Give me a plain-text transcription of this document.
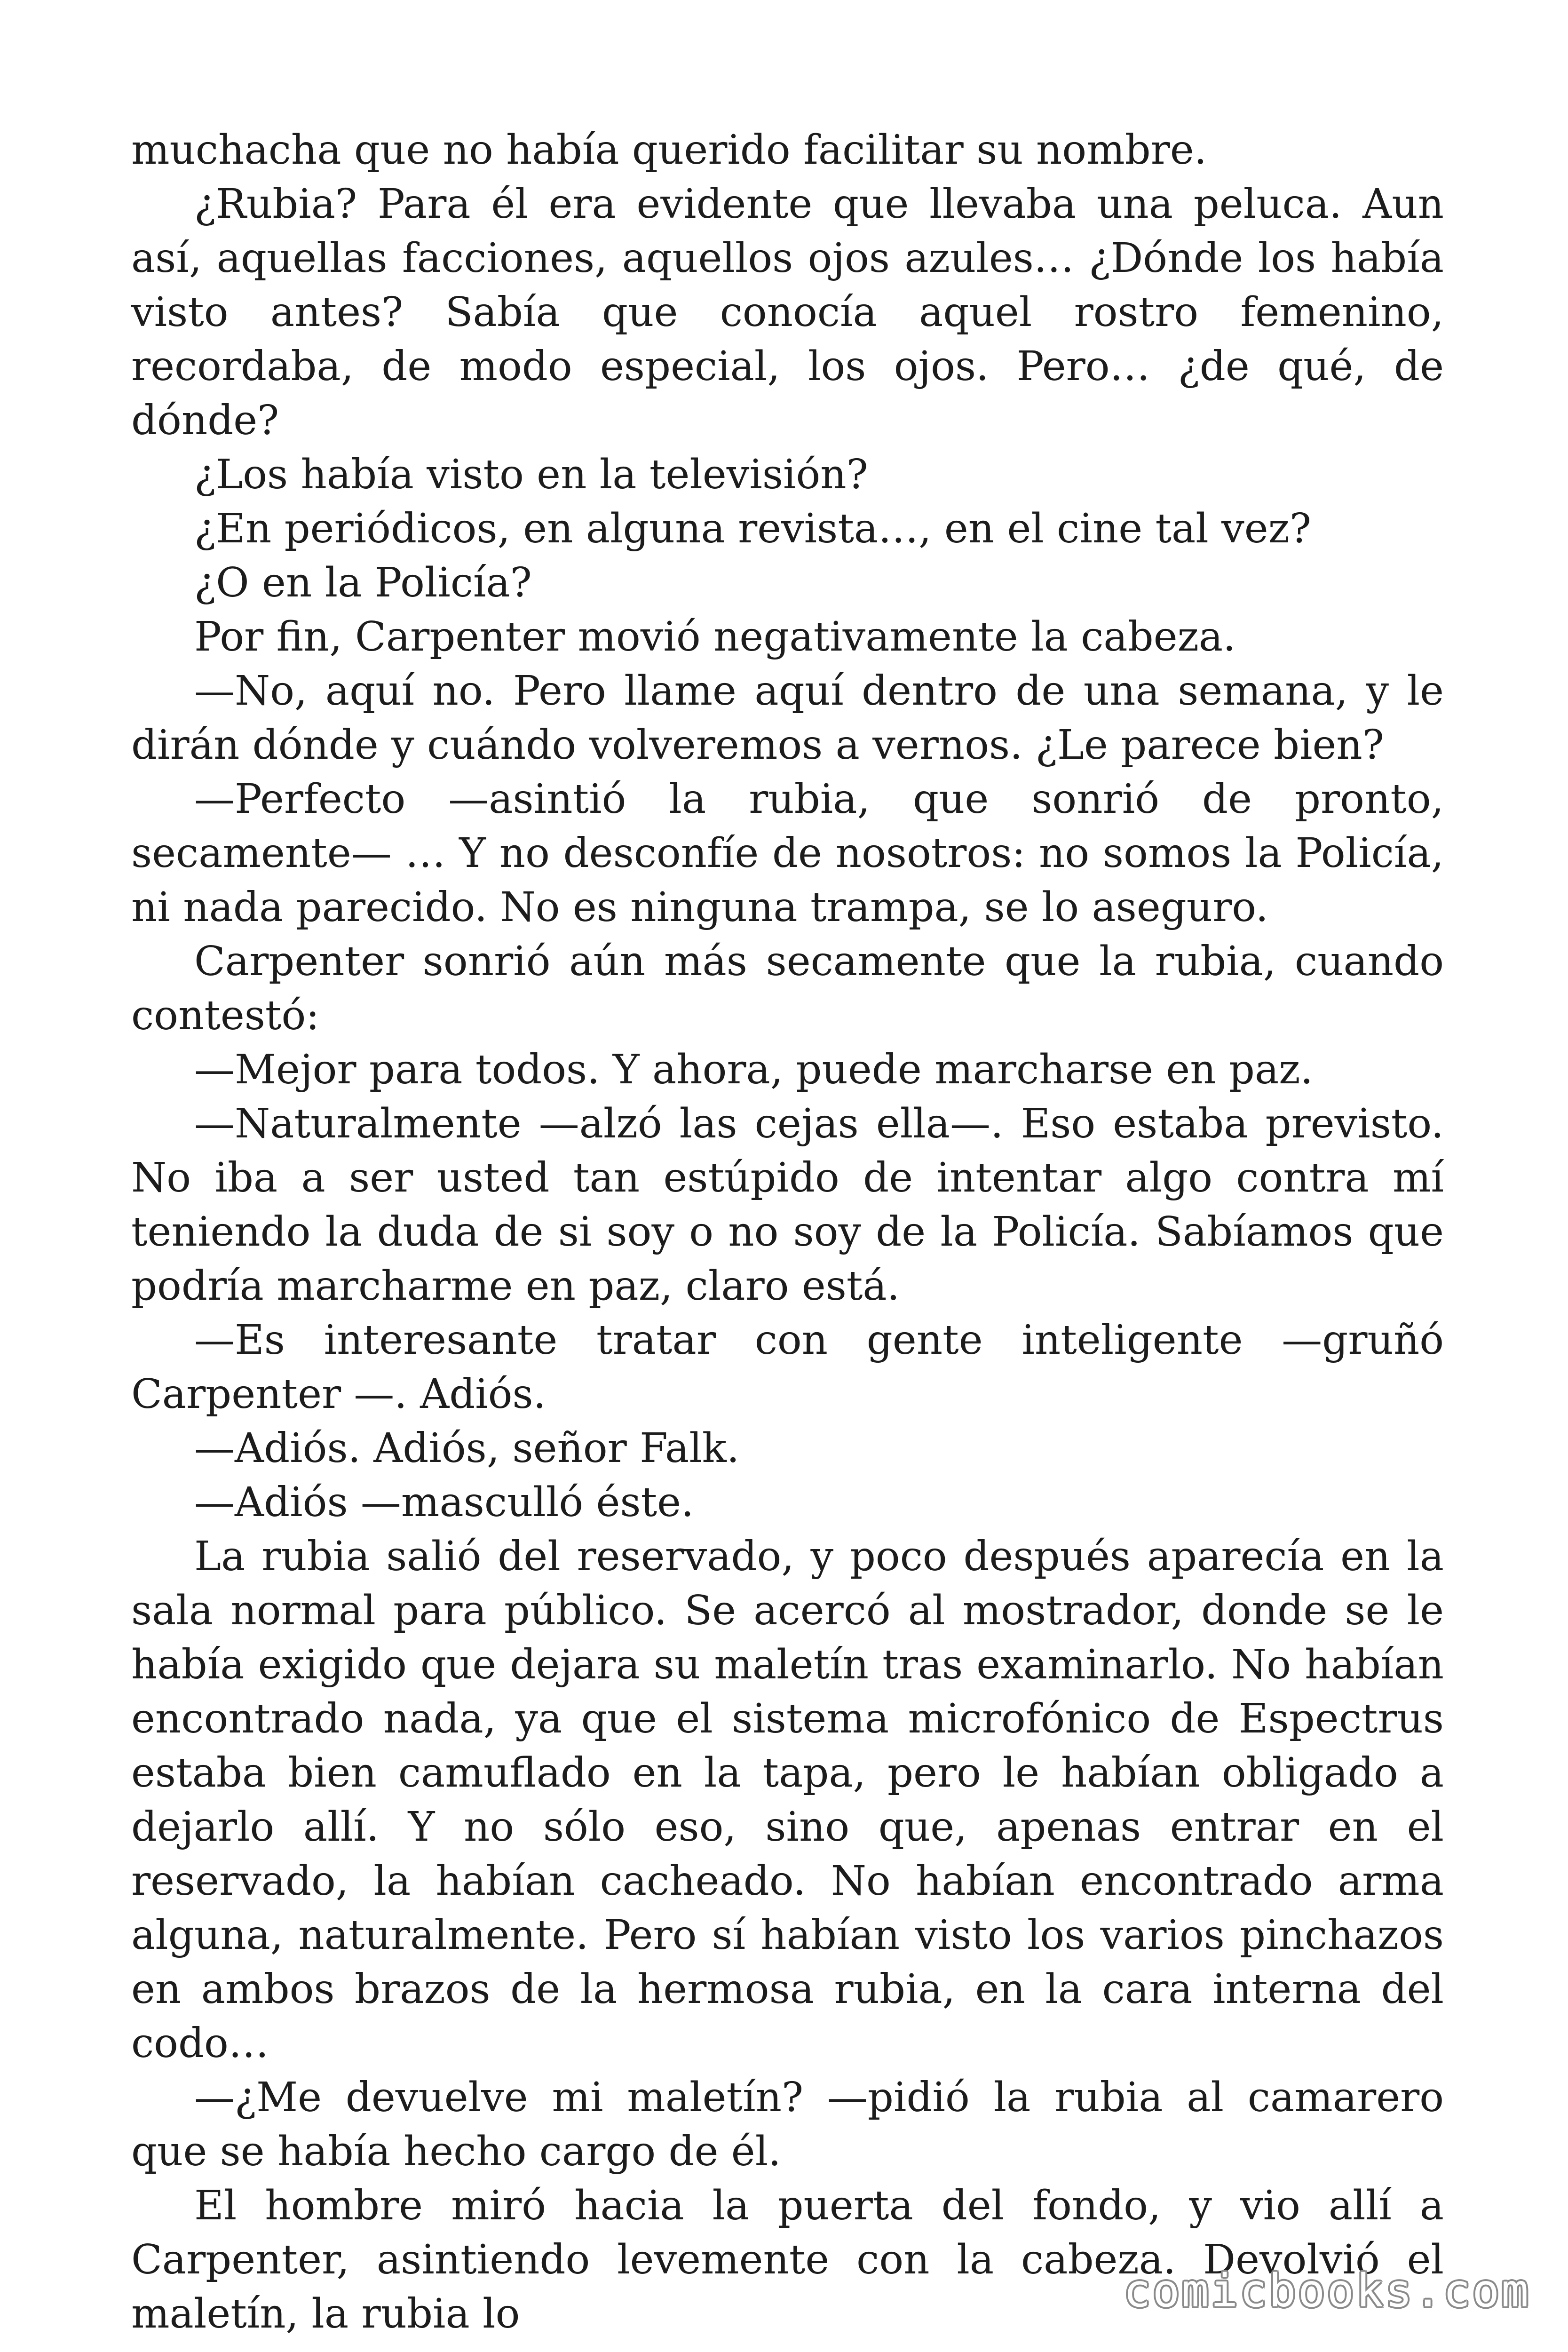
muchacha que no había querido facilitar su nombre.

¿Rubia? Para él era evidente que llevaba una peluca. Aun así, aquellas facciones, aquellos ojos azules… ¿Dónde los había visto antes? Sabía que conocía aquel rostro femenino, recordaba, de modo especial, los ojos. Pero… ¿de qué, de dónde?

¿Los había visto en la televisión?

¿En periódicos, en alguna revista…, en el cine tal vez?

¿O en la Policía?

Por fin, Carpenter movió negativamente la cabeza.

—No, aquí no. Pero llame aquí dentro de una semana, y le dirán dónde y cuándo volveremos a vernos. ¿Le parece bien?

—Perfecto —asintió la rubia, que sonrió de pronto, secamente— … Y no desconfíe de nosotros: no somos la Policía, ni nada parecido. No es ninguna trampa, se lo aseguro.

Carpenter sonrió aún más secamente que la rubia, cuando contestó:

—Mejor para todos. Y ahora, puede marcharse en paz.

—Naturalmente —alzó las cejas ella—. Eso estaba previsto. No iba a ser usted tan estúpido de intentar algo contra mí teniendo la duda de si soy o no soy de la Policía. Sabíamos que podría marcharme en paz, claro está.

—Es interesante tratar con gente inteligente —gruñó Carpenter —. Adiós.

—Adiós. Adiós, señor Falk.

—Adiós —masculló éste.

La rubia salió del reservado, y poco después aparecía en la sala normal para público. Se acercó al mostrador, donde se le había exigido que dejara su maletín tras examinarlo. No habían encontrado nada, ya que el sistema microfónico de Espectrus estaba bien camuflado en la tapa, pero le habían obligado a dejarlo allí. Y no sólo eso, sino que, apenas entrar en el reservado, la habían cacheado. No habían encontrado arma alguna, naturalmente. Pero sí habían visto los varios pinchazos en ambos brazos de la hermosa rubia, en la cara interna del codo…

—¿Me devuelve mi maletín? —pidió la rubia al camarero que se había hecho cargo de él.

El hombre miró hacia la puerta del fondo, y vio allí a Carpenter, asintiendo levemente con la cabeza. Devolvió el maletín, la rubia lo	comicbooks.com
